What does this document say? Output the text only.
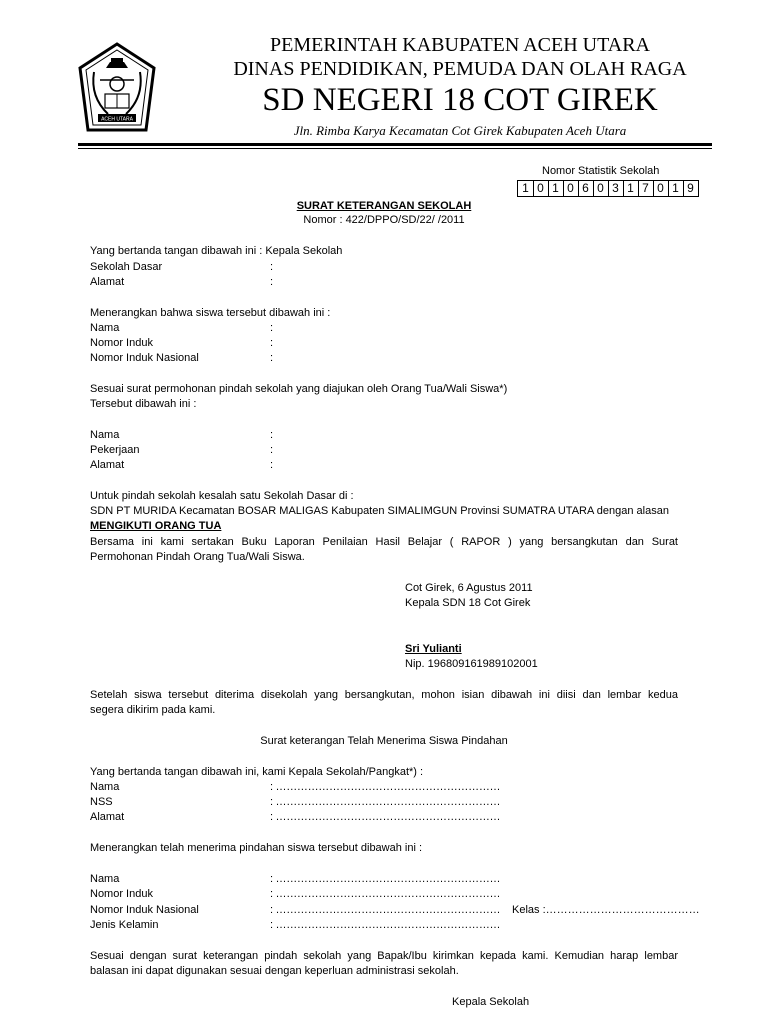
ACEH UTARA
PEMERINTAH KABUPATEN ACEH UTARA
DINAS PENDIDIKAN, PEMUDA DAN OLAH RAGA
SD NEGERI 18 COT GIREK
Jln. Rimba Karya Kecamatan Cot Girek Kabupaten Aceh Utara
Nomor Statistik Sekolah
1 0 1 0 6 0 3 1 7 0 1 9
SURAT KETERANGAN SEKOLAH
Nomor : 422/DPPO/SD/22/ /2011
Yang bertanda tangan dibawah ini : Kepala Sekolah
Sekolah Dasar	:
Alamat	:
Menerangkan bahwa siswa tersebut dibawah ini :
Nama	:
Nomor Induk	:
Nomor Induk Nasional	:
Sesuai surat permohonan pindah sekolah yang diajukan oleh Orang Tua/Wali Siswa*)
Tersebut dibawah ini :
Nama	:
Pekerjaan	:
Alamat	:
Untuk pindah sekolah kesalah satu Sekolah Dasar di :
SDN PT MURIDA Kecamatan BOSAR MALIGAS Kabupaten SIMALIMGUN Provinsi SUMATRA UTARA dengan alasan
MENGIKUTI ORANG TUA
Bersama ini kami sertakan Buku Laporan Penilaian Hasil Belajar ( RAPOR ) yang bersangkutan dan Surat
Permohonan Pindah Orang Tua/Wali Siswa.
Cot Girek, 6 Agustus 2011
Kepala SDN 18 Cot Girek
Sri Yulianti
Nip. 196809161989102001
Setelah siswa tersebut diterima disekolah yang bersangkutan, mohon isian dibawah ini diisi dan lembar kedua
segera dikirim pada kami.
Surat keterangan Telah Menerima Siswa Pindahan
Yang bertanda tangan dibawah ini, kami Kepala Sekolah/Pangkat*) :
Nama	: ………………………………………………………
NSS	: ………………………………………………………
Alamat	: ………………………………………………………
Menerangkan telah menerima pindahan siswa tersebut dibawah ini :
Nama	: ………………………………………………………
Nomor Induk	: ………………………………………………………
Nomor Induk Nasional	: ……………………………………………………… Kelas :……………………………………
Jenis Kelamin	: ………………………………………………………
Sesuai dengan surat keterangan pindah sekolah yang Bapak/Ibu kirimkan kepada kami. Kemudian harap lembar
balasan ini dapat digunakan sesuai dengan keperluan administrasi sekolah.
Kepala Sekolah
